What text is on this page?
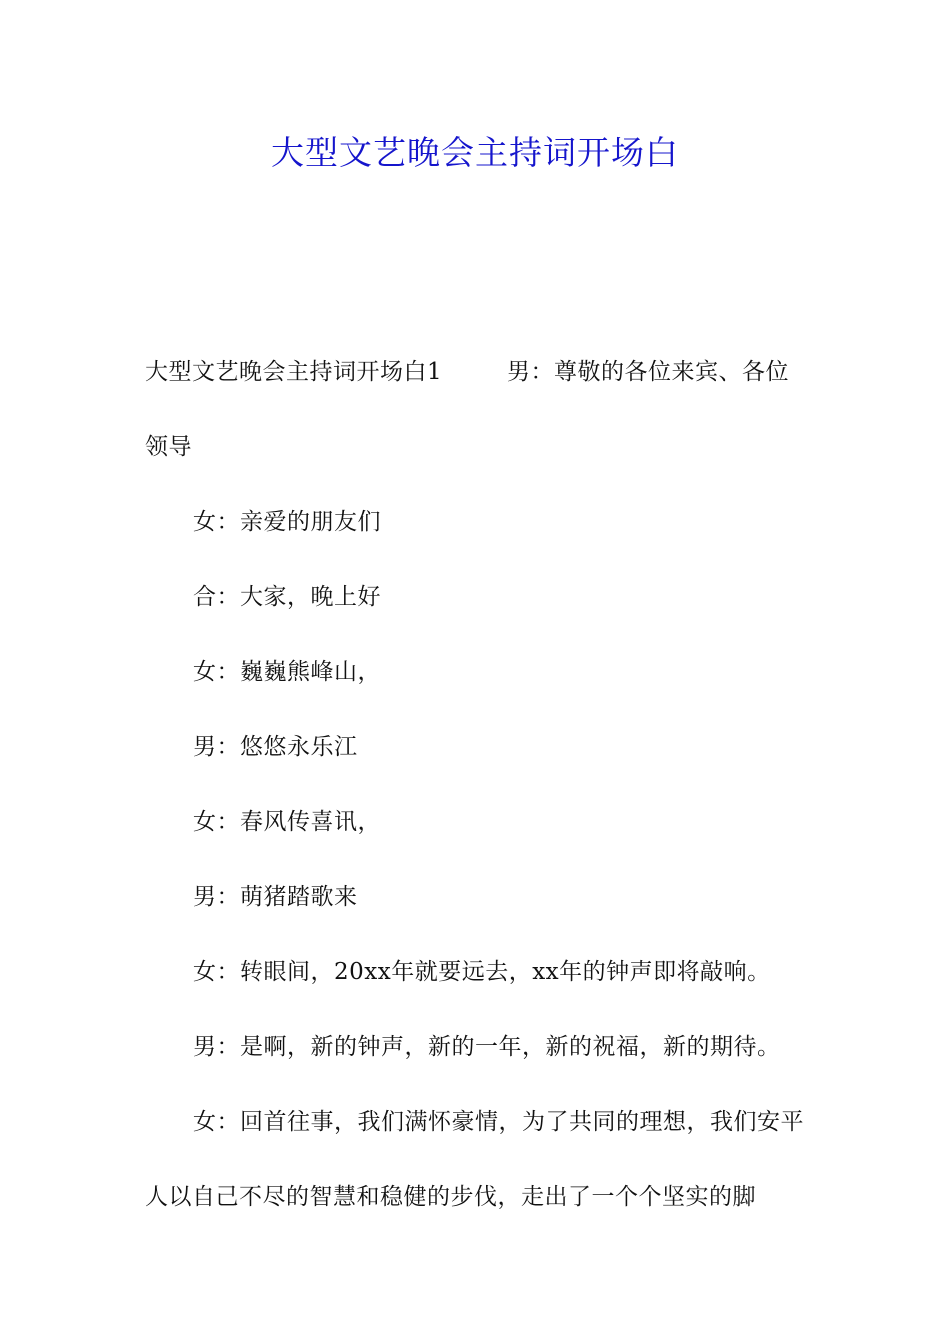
大型文艺晚会主持词开场白

大型文艺晚会主持词开场白1	男：尊敬的各位来宾、各位领导

女：亲爱的朋友们

合：大家，晚上好

女：巍巍熊峰山，

男：悠悠永乐江

女：春风传喜讯，

男：萌猪踏歌来

女：转眼间，20xx年就要远去，xx年的钟声即将敲响。

男：是啊，新的钟声，新的一年，新的祝福，新的期待。

女：回首往事，我们满怀豪情，为了共同的理想，我们安平人以自己不尽的智慧和稳健的步伐，走出了一个个坚实的脚
